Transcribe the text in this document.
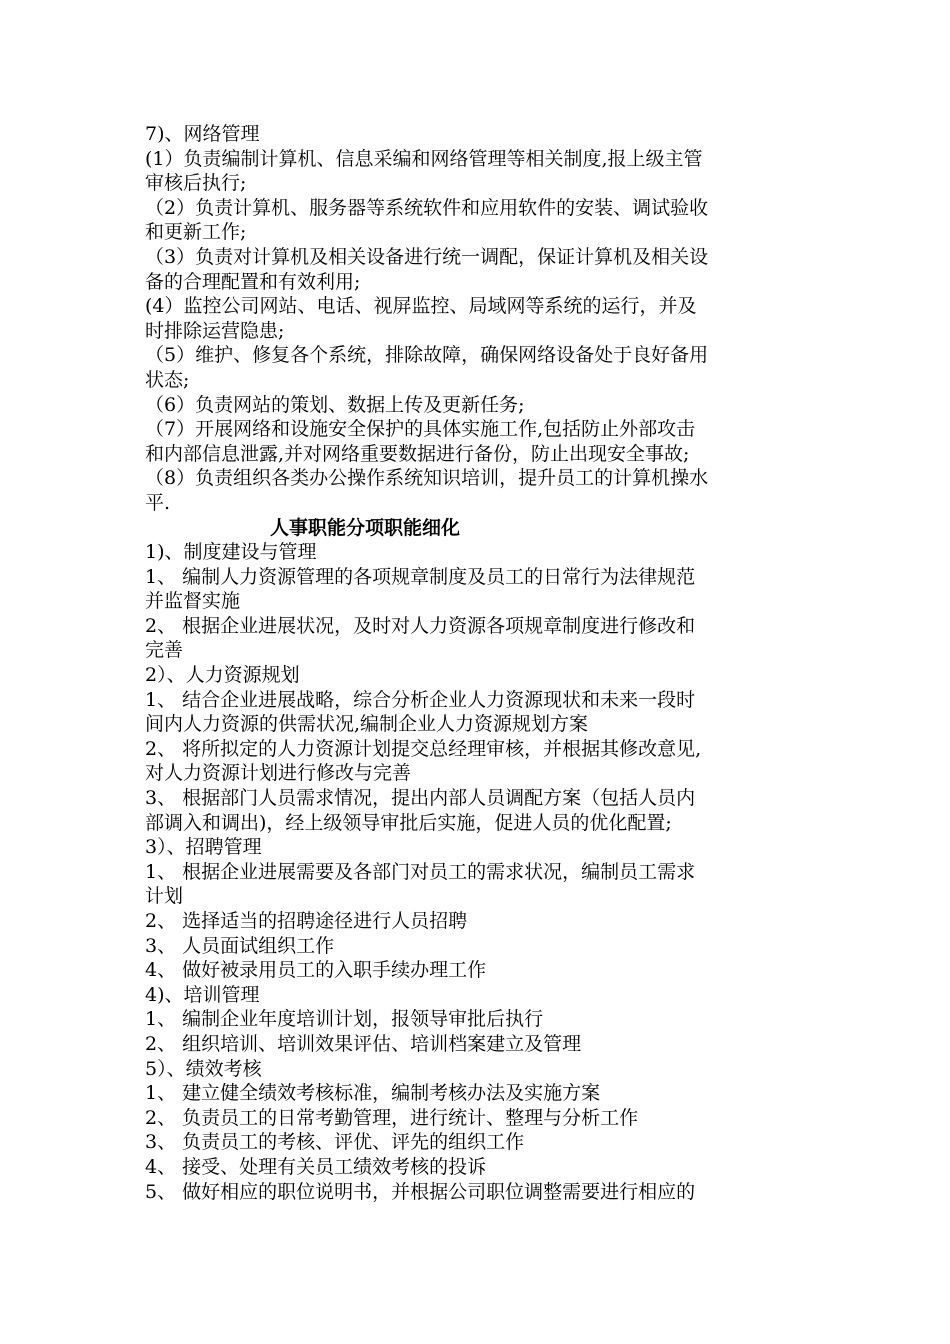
7)、网络管理
(1）负责编制计算机、信息采编和网络管理等相关制度,报上级主管
审核后执行;
（2）负责计算机、服务器等系统软件和应用软件的安装、调试验收
和更新工作;
（3）负责对计算机及相关设备进行统一调配，保证计算机及相关设
备的合理配置和有效利用;
(4）监控公司网站、电话、视屏监控、局域网等系统的运行，并及
时排除运营隐患;
（5）维护、修复各个系统，排除故障，确保网络设备处于良好备用
状态;
（6）负责网站的策划、数据上传及更新任务;
（7）开展网络和设施安全保护的具体实施工作,包括防止外部攻击
和内部信息泄露,并对网络重要数据进行备份，防止出现安全事故;
（8）负责组织各类办公操作系统知识培训，提升员工的计算机操水
平.
人事职能分项职能细化
1)、制度建设与管理
1、 编制人力资源管理的各项规章制度及员工的日常行为法律规范
并监督实施
2、 根据企业进展状况，及时对人力资源各项规章制度进行修改和
完善
2）、人力资源规划
1、 结合企业进展战略，综合分析企业人力资源现状和未来一段时
间内人力资源的供需状况,编制企业人力资源规划方案
2、 将所拟定的人力资源计划提交总经理审核，并根据其修改意见,
对人力资源计划进行修改与完善
3、 根据部门人员需求情况，提出内部人员调配方案（包括人员内
部调入和调出)，经上级领导审批后实施，促进人员的优化配置;
3）、招聘管理
1、 根据企业进展需要及各部门对员工的需求状况，编制员工需求
计划
2、 选择适当的招聘途径进行人员招聘
3、 人员面试组织工作
4、 做好被录用员工的入职手续办理工作
4)、培训管理
1、 编制企业年度培训计划，报领导审批后执行
2、 组织培训、培训效果评估、培训档案建立及管理
5）、绩效考核
1、 建立健全绩效考核标准，编制考核办法及实施方案
2、 负责员工的日常考勤管理，进行统计、整理与分析工作
3、 负责员工的考核、评优、评先的组织工作
4、 接受、处理有关员工绩效考核的投诉
5、 做好相应的职位说明书，并根据公司职位调整需要进行相应的
